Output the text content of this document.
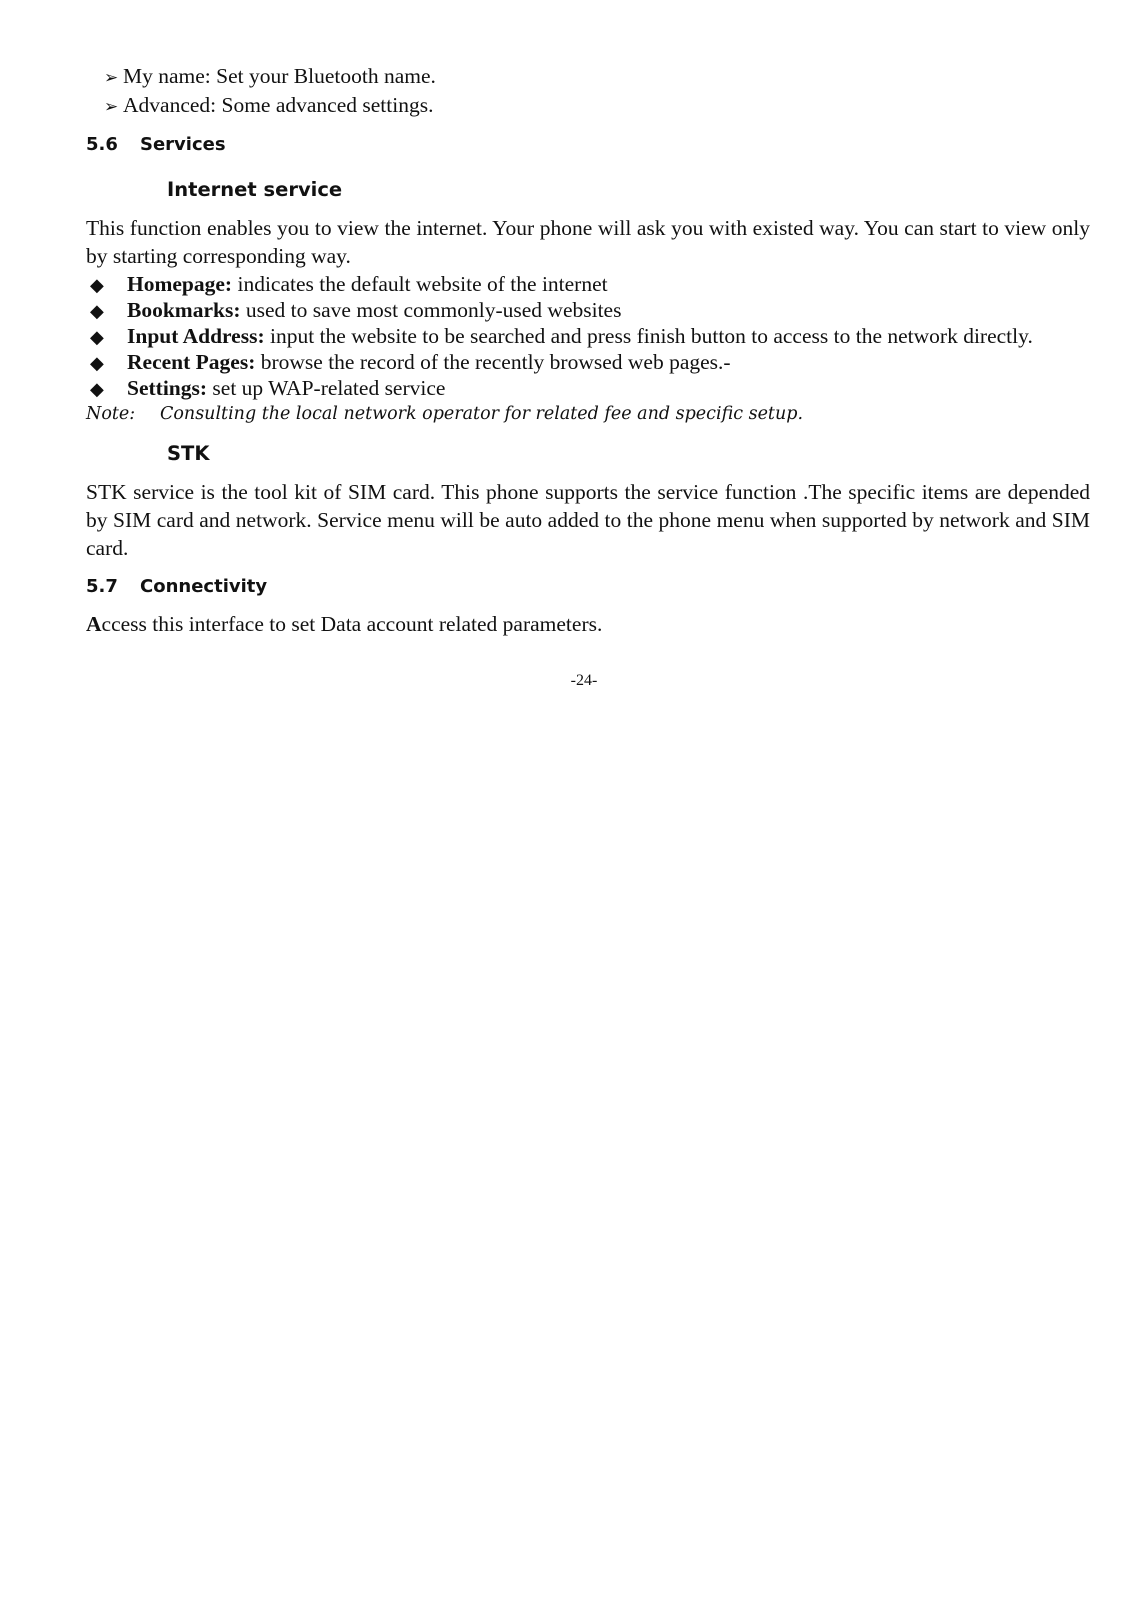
➢ My name: Set your Bluetooth name.
➢ Advanced: Some advanced settings.
5.6 Services
Internet service
This function enables you to view the internet. Your phone will ask you with existed way. You can start to view only by starting corresponding way.
◆	Homepage: indicates the default website of the internet
◆	Bookmarks: used to save most commonly-used websites
◆	Input Address: input the website to be searched and press finish button to access to the network directly.
◆	Recent Pages: browse the record of the recently browsed web pages.-
◆	Settings: set up WAP-related service
Note:	Consulting the local network operator for related fee and specific setup.
STK
STK service is the tool kit of SIM card. This phone supports the service function .The specific items are depended by SIM card and network. Service menu will be auto added to the phone menu when supported by network and SIM card.
5.7 Connectivity
Access this interface to set Data account related parameters.
-24-
